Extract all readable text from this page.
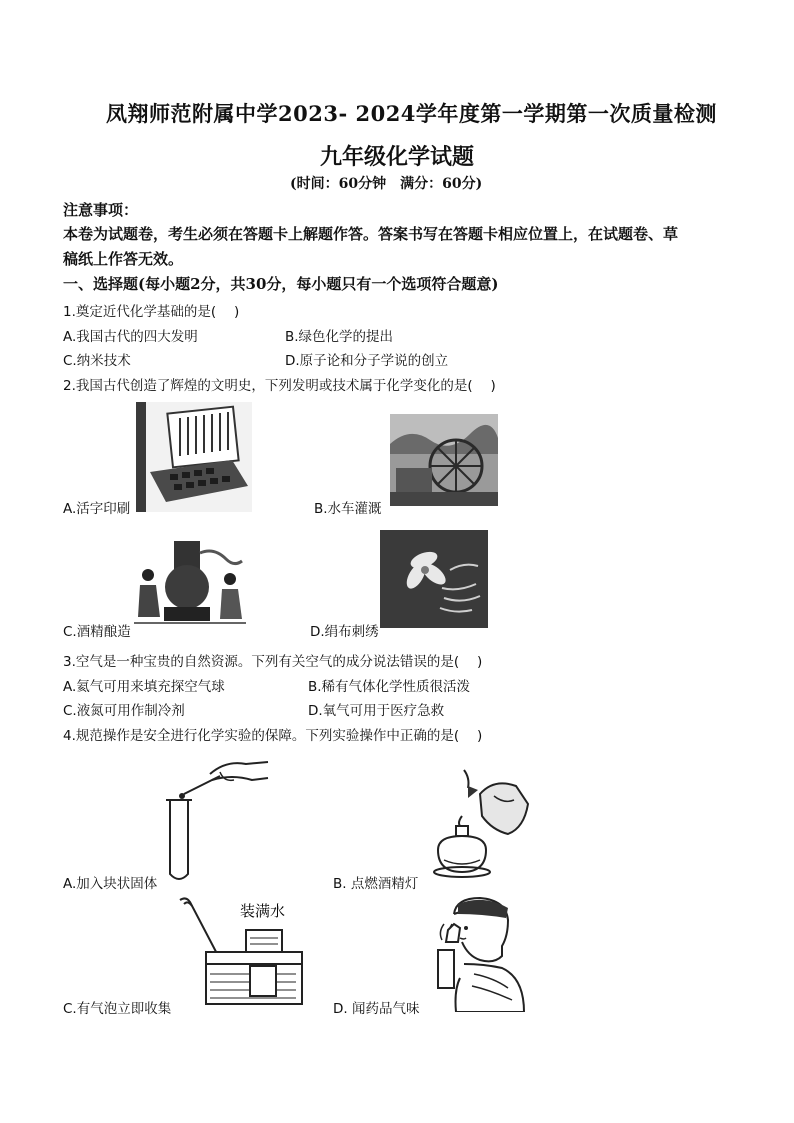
凤翔师范附属中学2023- 2024学年度第一学期第一次质量检测
九年级化学试题
(时间：60分钟　满分：60分)
注意事项：
本卷为试题卷，考生必须在答题卡上解题作答。答案书写在答题卡相应位置上，在试题卷、草
稿纸上作答无效。
一、选择题(每小题2分，共30分，每小题只有一个选项符合题意)
1.奠定近代化学基础的是(　 )
A.我国古代的四大发明	B.绿色化学的提出
C.纳米技术	D.原子论和分子学说的创立
2.我国古代创造了辉煌的文明史，下列发明或技术属于化学变化的是(　 )
A.活字印刷	B.水车灌溉
C.酒精酿造	D.绢布刺绣
3.空气是一种宝贵的自然资源。下列有关空气的成分说法错误的是(　 )
A.氦气可用来填充探空气球	B.稀有气体化学性质很活泼
C.液氮可用作制冷剂	D.氧气可用于医疗急救
4.规范操作是安全进行化学实验的保障。下列实验操作中正确的是(　 )
A.加入块状固体	B. 点燃酒精灯
装满水
C.有气泡立即收集	D. 闻药品气味
